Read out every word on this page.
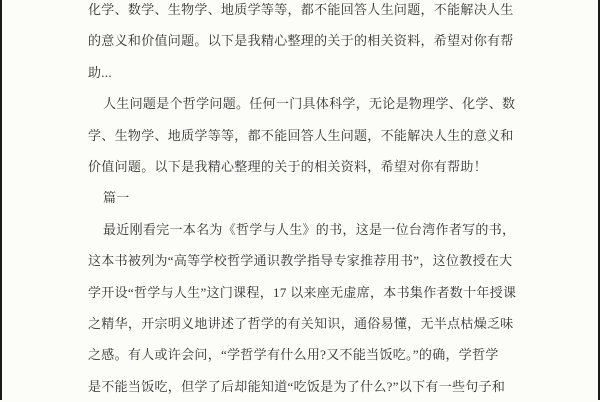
化学、数学、生物学、地质学等等，都不能回答人生问题，不能解决人生
的意义和价值问题。以下是我精心整理的关于的相关资料，希望对你有帮
助...
人生问题是个哲学问题。任何一门具体科学，无论是物理学、化学、数
学、生物学、地质学等等，都不能回答人生问题，不能解决人生的意义和
价值问题。以下是我精心整理的关于的相关资料，希望对你有帮助！
篇一
最近刚看完一本名为《哲学与人生》的书，这是一位台湾作者写的书，
这本书被列为“高等学校哲学通识教学指导专家推荐用书”，这位教授在大
学开设“哲学与人生”这门课程，17 以来座无虚席，本书集作者数十年授课
之精华，开宗明义地讲述了哲学的有关知识，通俗易懂，无半点枯燥乏味
之感。有人或许会问，“学哲学有什么用?又不能当饭吃。”的确，学哲学
是不能当饭吃，但学了后却能知道“吃饭是为了什么?”以下有一些句子和
